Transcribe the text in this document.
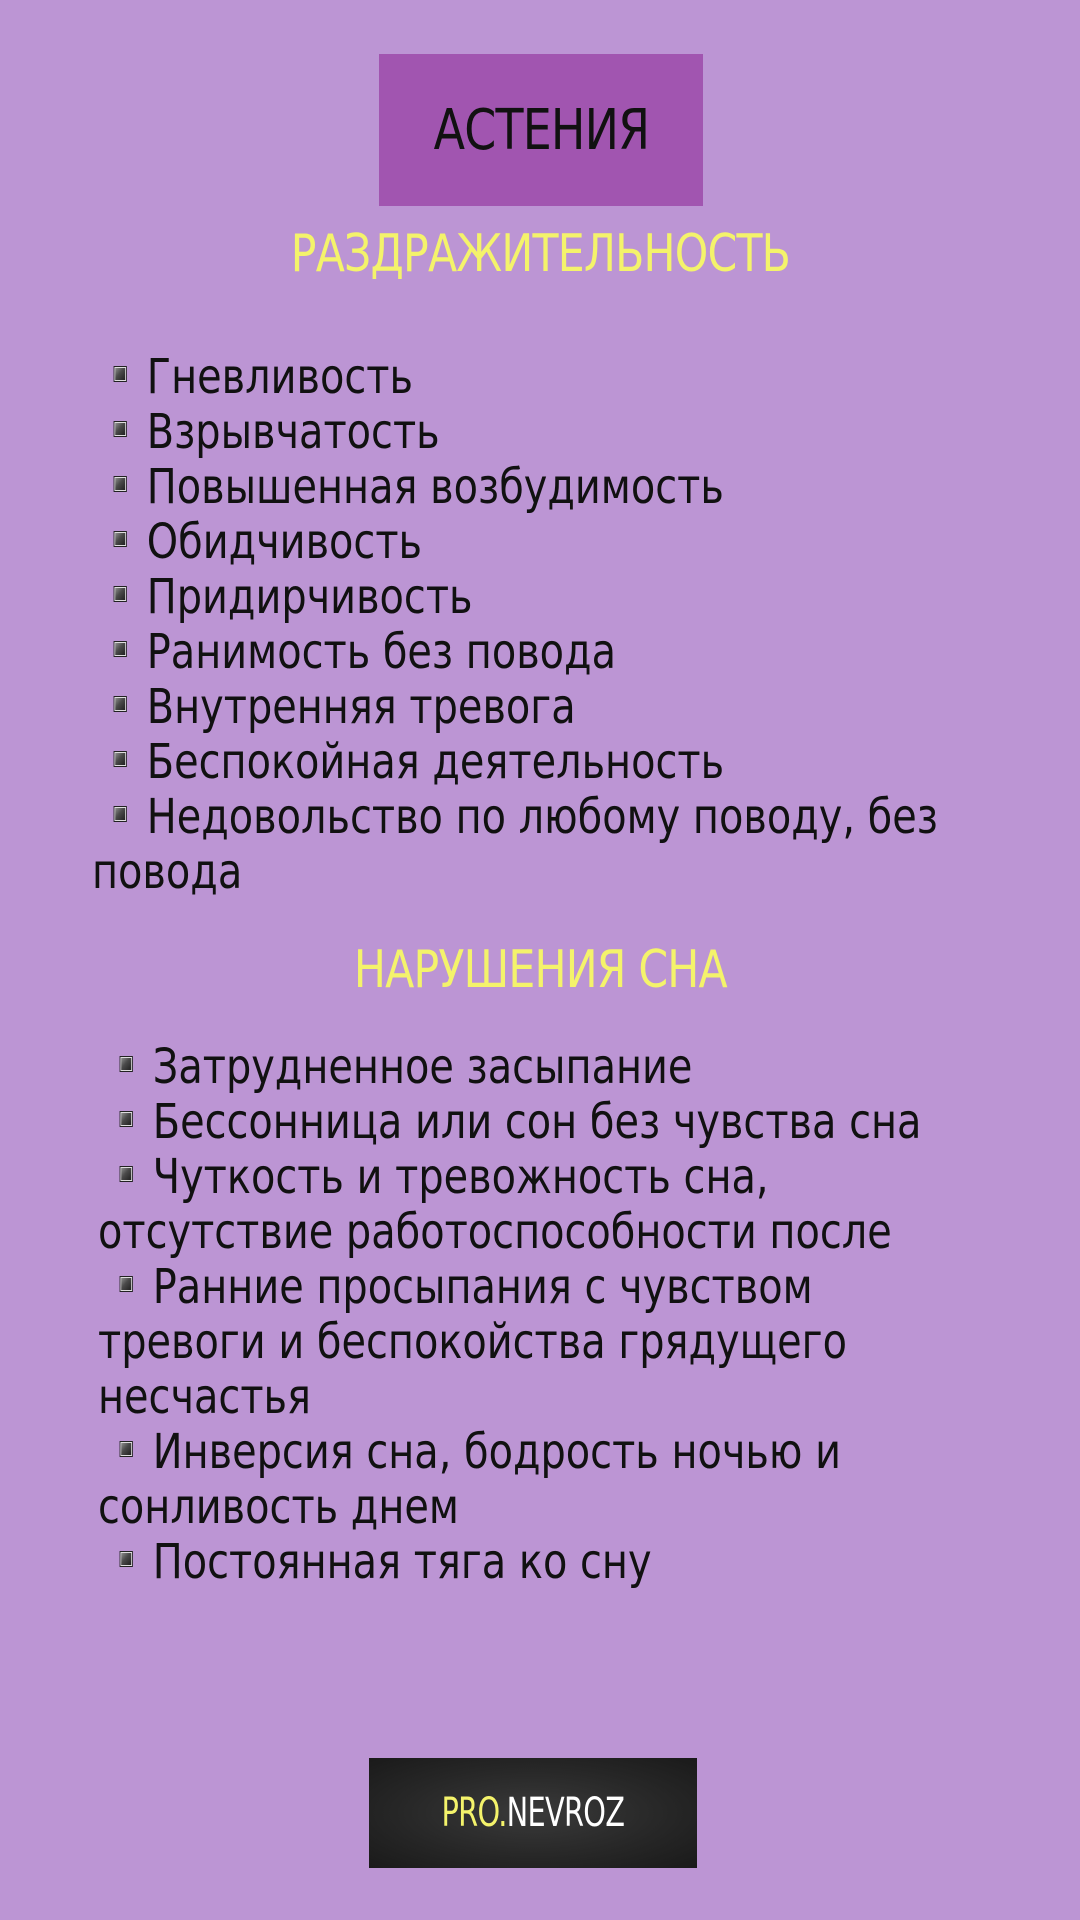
АСТЕНИЯ
РАЗДРАЖИТЕЛЬНОСТЬ
Гневливость
Взрывчатость
Повышенная возбудимость
Обидчивость
Придирчивость
Ранимость без повода
Внутренняя тревога
Беспокойная деятельность
Недовольство по любому поводу, без повода
НАРУШЕНИЯ СНА
Затрудненное засыпание
Бессонница или сон без чувства сна
Чуткость и тревожность сна, отсутствие работоспособности после
Ранние просыпания с чувством тревоги и беспокойства грядущего несчастья
Инверсия сна, бодрость ночью и сонливость днем
Постоянная тяга ко сну
PRO.NEVROZ
